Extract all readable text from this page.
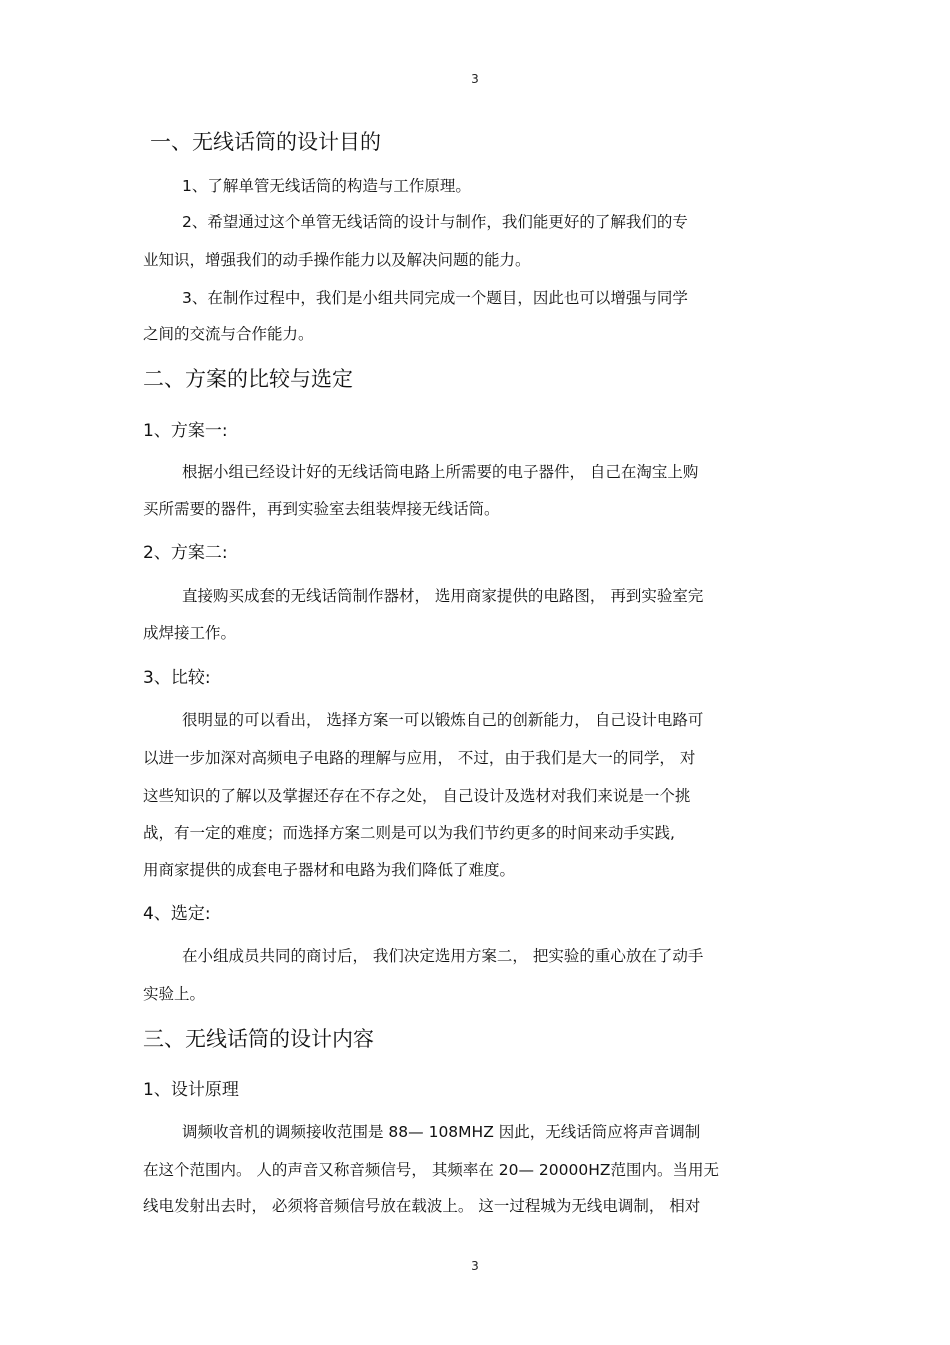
3
一、无线话筒的设计目的
1、了解单管无线话筒的构造与工作原理。
2、希望通过这个单管无线话筒的设计与制作，我们能更好的了解我们的专
业知识，增强我们的动手操作能力以及解决问题的能力。
3、在制作过程中，我们是小组共同完成一个题目，因此也可以增强与同学
之间的交流与合作能力。
二、方案的比较与选定
1、方案一:
根据小组已经设计好的无线话筒电路上所需要的电子器件， 自己在淘宝上购
买所需要的器件，再到实验室去组装焊接无线话筒。
2、方案二:
直接购买成套的无线话筒制作器材， 选用商家提供的电路图， 再到实验室完
成焊接工作。
3、比较:
很明显的可以看出， 选择方案一可以锻炼自己的创新能力， 自己设计电路可
以进一步加深对高频电子电路的理解与应用， 不过，由于我们是大一的同学， 对
这些知识的了解以及掌握还存在不存之处， 自己设计及选材对我们来说是一个挑
战，有一定的难度；而选择方案二则是可以为我们节约更多的时间来动手实践,
用商家提供的成套电子器材和电路为我们降低了难度。
4、选定:
在小组成员共同的商讨后， 我们决定选用方案二， 把实验的重心放在了动手
实验上。
三、无线话筒的设计内容
1、设计原理
调频收音机的调频接收范围是 88— 108MHZ 因此，无线话筒应将声音调制
在这个范围内。 人的声音又称音频信号， 其频率在 20— 20000HZ范围内。当用无
线电发射出去时， 必须将音频信号放在载波上。 这一过程城为无线电调制， 相对
3
